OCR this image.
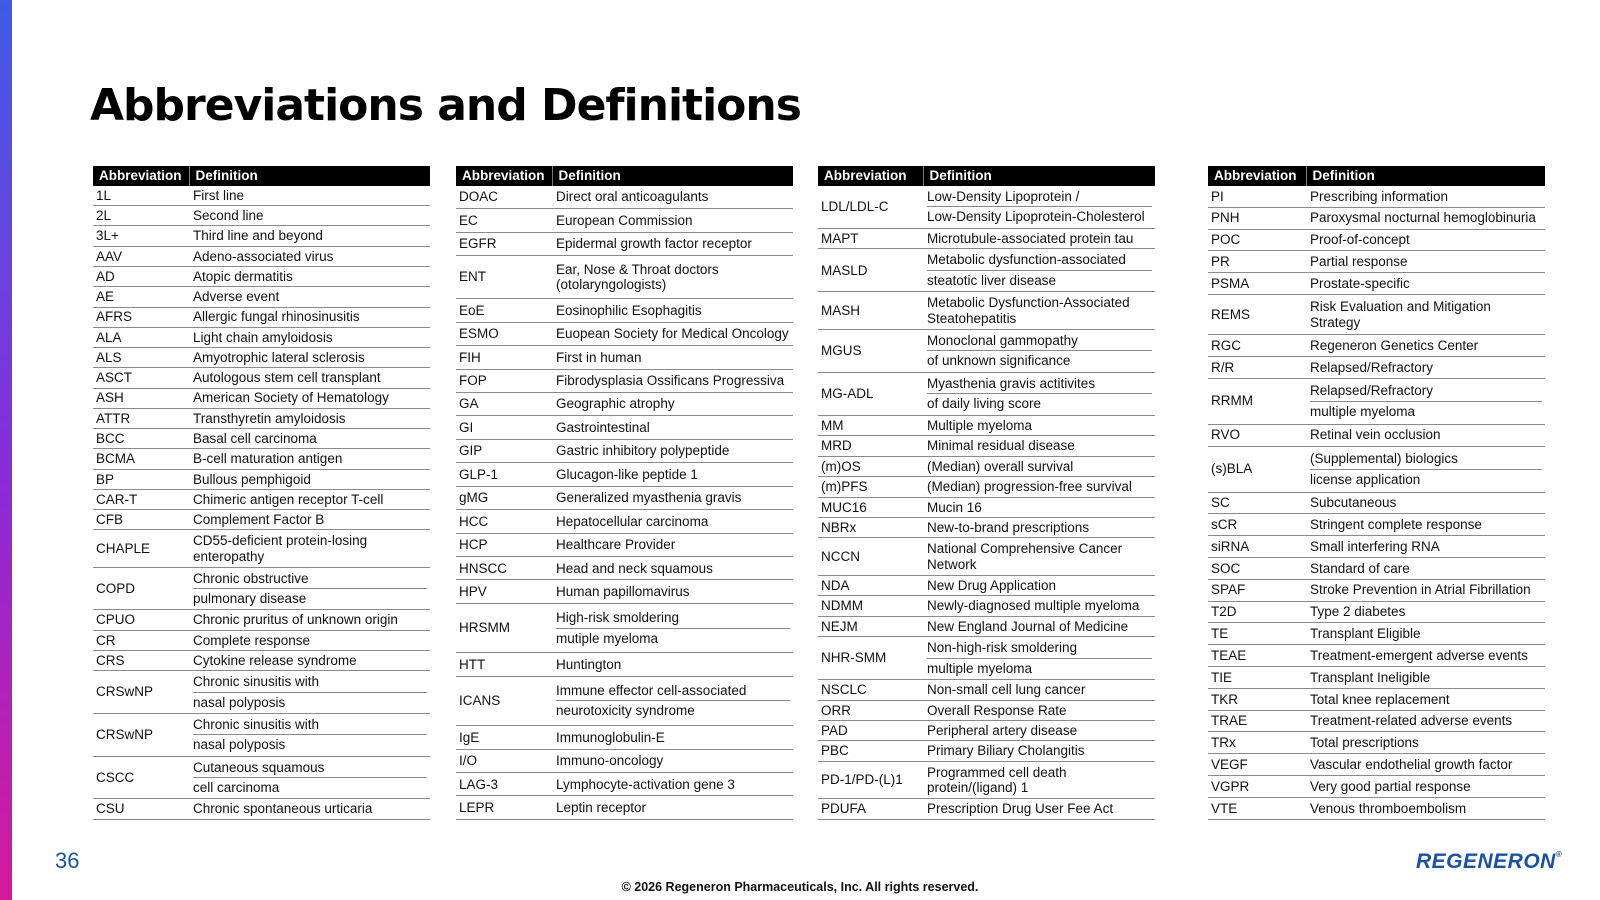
Abbreviations and Definitions
Abbreviation	Definition
1L	First line

2L	Second line

3L+	Third line and beyond

AAV	Adeno-associated virus

AD	Atopic dermatitis

AE	Adverse event

AFRS	Allergic fungal rhinosinusitis

ALA	Light chain amyloidosis

ALS	Amyotrophic lateral sclerosis

ASCT	Autologous stem cell transplant

ASH	American Society of Hematology

ATTR	Transthyretin amyloidosis

BCC	Basal cell carcinoma

BCMA	B-cell maturation antigen

BP	Bullous pemphigoid

CAR-T	Chimeric antigen receptor T-cell

CFB	Complement Factor B

CHAPLE	CD55-deficient protein-losing enteropathy

COPD	Chronic obstructive
pulmonary disease

CPUO	Chronic pruritus of unknown origin

CR	Complete response

CRS	Cytokine release syndrome

CRSwNP	Chronic sinusitis with
nasal polyposis

CRSwNP	Chronic sinusitis with
nasal polyposis

CSCC	Cutaneous squamous
cell carcinoma

CSU	Chronic spontaneous urticaria
Abbreviation	Definition
DOAC	Direct oral anticoagulants

EC	European Commission

EGFR	Epidermal growth factor receptor

ENT	Ear, Nose & Throat doctors (otolaryngologists)

EoE	Eosinophilic Esophagitis

ESMO	Euopean Society for Medical Oncology

FIH	First in human

FOP	Fibrodysplasia Ossificans Progressiva

GA	Geographic atrophy

GI	Gastrointestinal

GIP	Gastric inhibitory polypeptide

GLP-1	Glucagon-like peptide 1

gMG	Generalized myasthenia gravis

HCC	Hepatocellular carcinoma

HCP	Healthcare Provider

HNSCC	Head and neck squamous

HPV	Human papillomavirus

HRSMM	High-risk smoldering
mutiple myeloma

HTT	Huntington

ICANS	Immune effector cell-associated
neurotoxicity syndrome

IgE	Immunoglobulin-E

I/O	Immuno-oncology

LAG-3	Lymphocyte-activation gene 3

LEPR	Leptin receptor
Abbreviation	Definition
LDL/LDL-C	Low-Density Lipoprotein /
Low-Density Lipoprotein-Cholesterol

MAPT	Microtubule-associated protein tau

MASLD	Metabolic dysfunction-associated
steatotic liver disease

MASH	Metabolic Dysfunction-Associated Steatohepatitis

MGUS	Monoclonal gammopathy
of unknown significance

MG-ADL	Myasthenia gravis actitivites
of daily living score

MM	Multiple myeloma

MRD	Minimal residual disease

(m)OS	(Median) overall survival

(m)PFS	(Median) progression-free survival

MUC16	Mucin 16

NBRx	New-to-brand prescriptions

NCCN	National Comprehensive Cancer Network

NDA	New Drug Application

NDMM	Newly-diagnosed multiple myeloma

NEJM	New England Journal of Medicine

NHR-SMM	Non-high-risk smoldering
multiple myeloma

NSCLC	Non-small cell lung cancer

ORR	Overall Response Rate

PAD	Peripheral artery disease

PBC	Primary Biliary Cholangitis

PD-1/PD-(L)1	Programmed cell death protein/(ligand) 1

PDUFA	Prescription Drug User Fee Act
Abbreviation	Definition
PI	Prescribing information

PNH	Paroxysmal nocturnal hemoglobinuria

POC	Proof-of-concept

PR	Partial response

PSMA	Prostate-specific

REMS	Risk Evaluation and Mitigation Strategy

RGC	Regeneron Genetics Center

R/R	Relapsed/Refractory

RRMM	Relapsed/Refractory
multiple myeloma

RVO	Retinal vein occlusion

(s)BLA	(Supplemental) biologics
license application

SC	Subcutaneous

sCR	Stringent complete response

siRNA	Small interfering RNA

SOC	Standard of care

SPAF	Stroke Prevention in Atrial Fibrillation

T2D	Type 2 diabetes

TE	Transplant Eligible

TEAE	Treatment-emergent adverse events

TIE	Transplant Ineligible

TKR	Total knee replacement

TRAE	Treatment-related adverse events

TRx	Total prescriptions

VEGF	Vascular endothelial growth factor

VGPR	Very good partial response

VTE	Venous thromboembolism
36
© 2026 Regeneron Pharmaceuticals, Inc. All rights reserved.
REGENERON®
